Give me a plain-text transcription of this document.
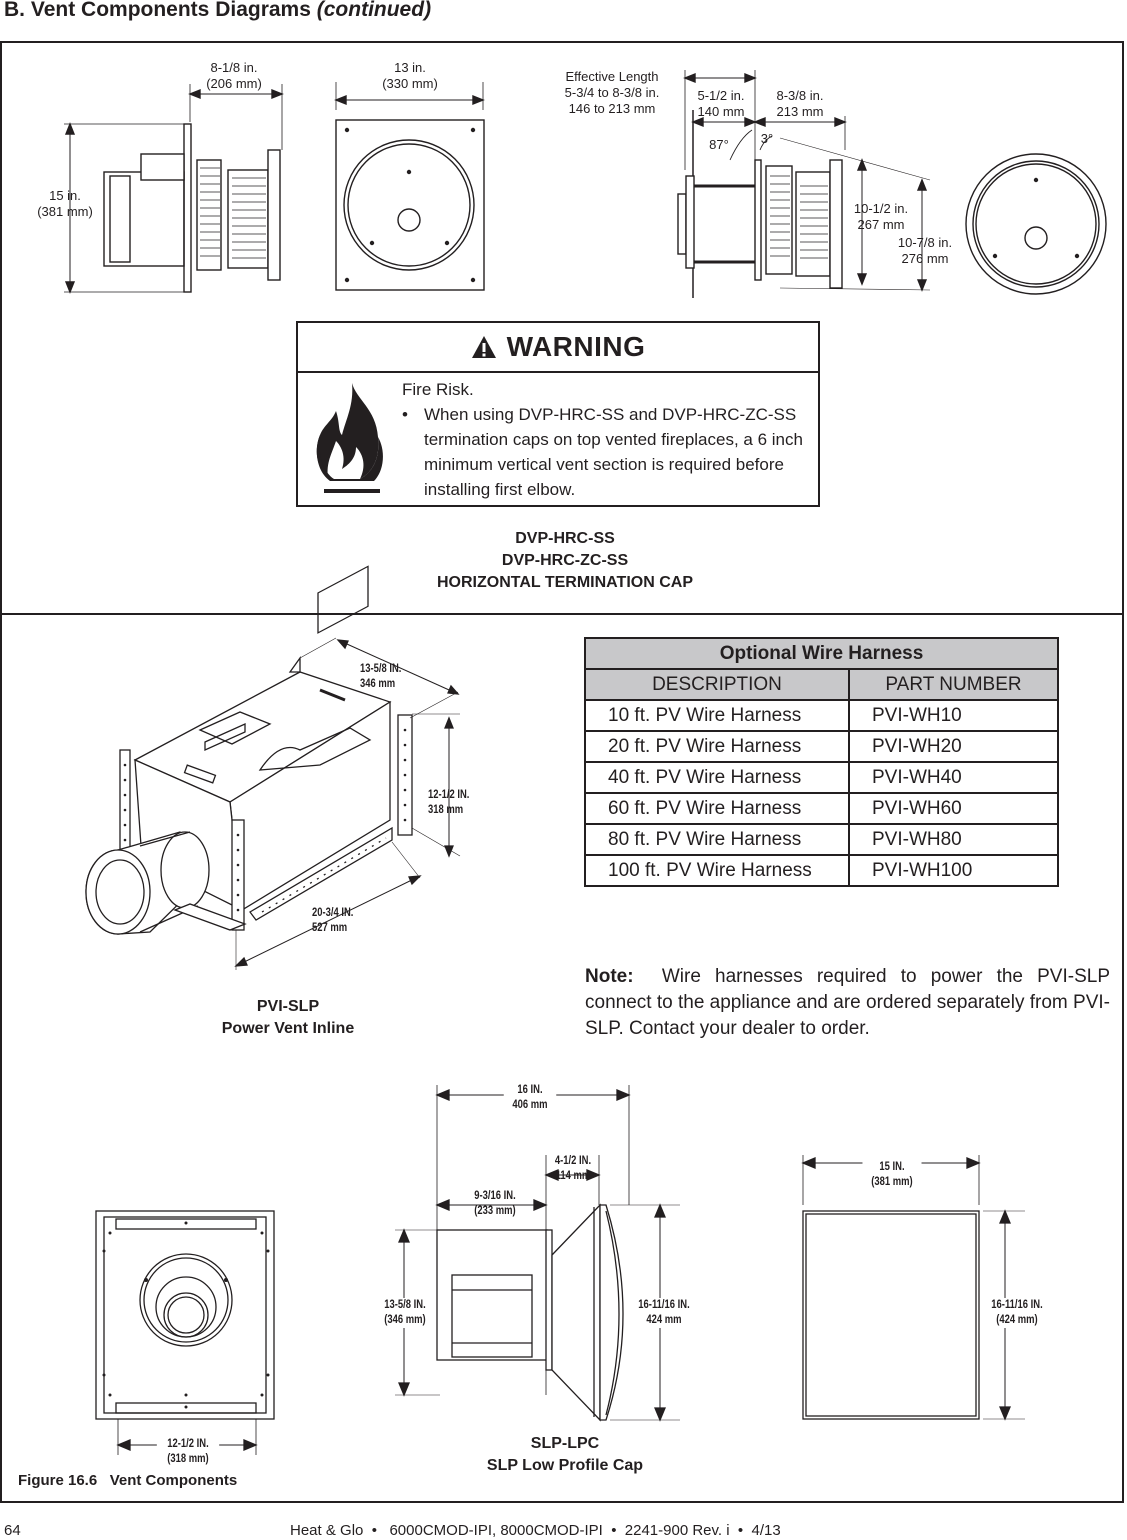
B. Vent Components Diagrams (continued)
8-1/8 in.
(206 mm)
15 in.
(381 mm)
13 in.
(330 mm)	Effective Length
5-3/4 to 8-3/8 in.
146 to 213 mm
5-1/2 in.
140 mm
8-3/8 in.
213 mm
87°	3°
10-1/2 in.
267 mm
10-7/8 in.
276 mm
WARNING
Fire Risk.
• When using DVP-HRC-SS and DVP-HRC-ZC-SS termination caps on top vented fireplaces, a 6 inch minimum vertical vent section is required before installing first elbow.
DVP-HRC-SS
DVP-HRC-ZC-SS
HORIZONTAL TERMINATION CAP
13-5/8 IN.
346 mm
12-1/2 IN.
318 mm
20-3/4 IN.
527 mm
PVI-SLP
Power Vent Inline
Optional Wire Harness	
DESCRIPTION	PART NUMBER
10 ft. PV Wire Harness	PVI-WH10
20 ft. PV Wire Harness	PVI-WH20
40 ft. PV Wire Harness	PVI-WH40
60 ft. PV Wire Harness	PVI-WH60
80 ft. PV Wire Harness	PVI-WH80
100 ft. PV Wire Harness	PVI-WH100
Note: Wire harnesses required to power the PVI-SLP connect to the appliance and are ordered separately from PVI-SLP. Contact your dealer to order.
12-1/2 IN.
(318 mm)
16 IN.
406 mm
4-1/2 IN.
114 mm
9-3/16 IN.
(233 mm)
13-5/8 IN.
(346 mm)
16-11/16 IN.
424 mm
15 IN.
(381 mm)
16-11/16 IN.
(424 mm)
SLP-LPC
SLP Low Profile Cap
Figure 16.6   Vent Components
64	Heat & Glo  •   6000CMOD-IPI, 8000CMOD-IPI  •  2241-900 Rev. i  •  4/13
